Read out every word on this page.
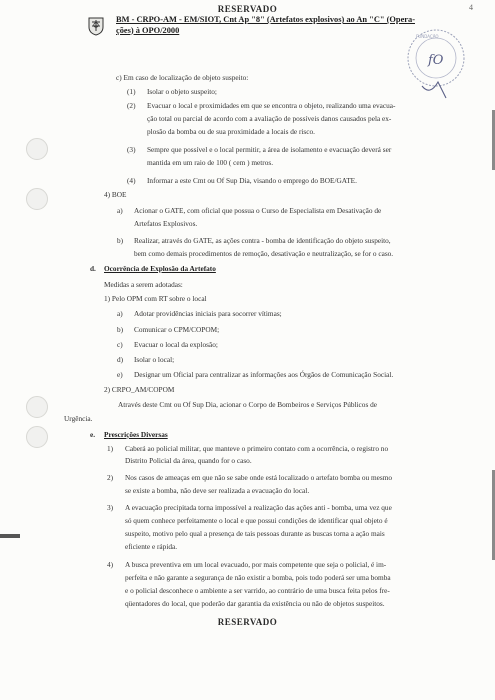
RESERVADO	4
BM - CRPO-AM - EM/SIOT, Cnt Ap "8" (Artefatos explosivos) ao An "C" (Opera-
ções) à OPO/2000
fO
FUNDAÇÃO
c) Em caso de localização de objeto suspeito:
(1) Isolar o objeto suspeito;
(2) Evacuar o local e proximidades em que se encontra o objeto, realizando uma evacua-
ção total ou parcial de acordo com a avaliação de possíveis danos causados pela ex-
plosão da bomba ou de sua proximidade a locais de risco.
(3) Sempre que possível e o local permitir, a área de isolamento e evacuação deverá ser
mantida em um raio de 100 ( cem ) metros.
(4) Informar a este Cmt ou Of Sup Dia, visando o emprego do BOE/GATE.
4) BOE
a) Acionar o GATE, com oficial que possua o Curso de Especialista em Desativação de
Artefatos Explosivos.
b) Realizar, através do GATE, as ações contra - bomba de identificação do objeto suspeito,
bem como demais procedimentos de remoção, desativação e neutralização, se for o caso.
d. Ocorrência de Explosão da Artefato
Medidas a serem adotadas:
1) Pelo OPM com RT sobre o local
a) Adotar providências iniciais para socorrer vítimas;
b) Comunicar o CPM/COPOM;
c) Evacuar o local da explosão;
d) Isolar o local;
e) Designar um Oficial para centralizar as informações aos Órgãos de Comunicação Social.
2) CRPO_AM/COPOM
Através deste Cmt ou Of Sup Dia, acionar o Corpo de Bombeiros e Serviços Públicos de
Urgência.
e. Prescrições Diversas
1) Caberá ao policial militar, que manteve o primeiro contato com a ocorrência, o registro no
Distrito Policial da área, quando for o caso.
2) Nos casos de ameaças em que não se sabe onde está localizado o artefato bomba ou mesmo
se existe a bomba, não deve ser realizada a evacuação do local.
3) A evacuação precipitada torna impossível a realização das ações anti - bomba, uma vez que
só quem conhece perfeitamente o local e que possui condições de identificar qual objeto é
suspeito, motivo pelo qual a presença de tais pessoas durante as buscas torna a ação mais
eficiente e rápida.
4) A busca preventiva em um local evacuado, por mais competente que seja o policial, é im-
perfeita e não garante a segurança de não existir a bomba, pois todo poderá ser uma bomba
e o policial desconhece o ambiente a ser varrido, ao contrário de uma busca feita pelos fre-
qüentadores do local, que poderão dar garantia da existência ou não de objetos suspeitos.
RESERVADO
